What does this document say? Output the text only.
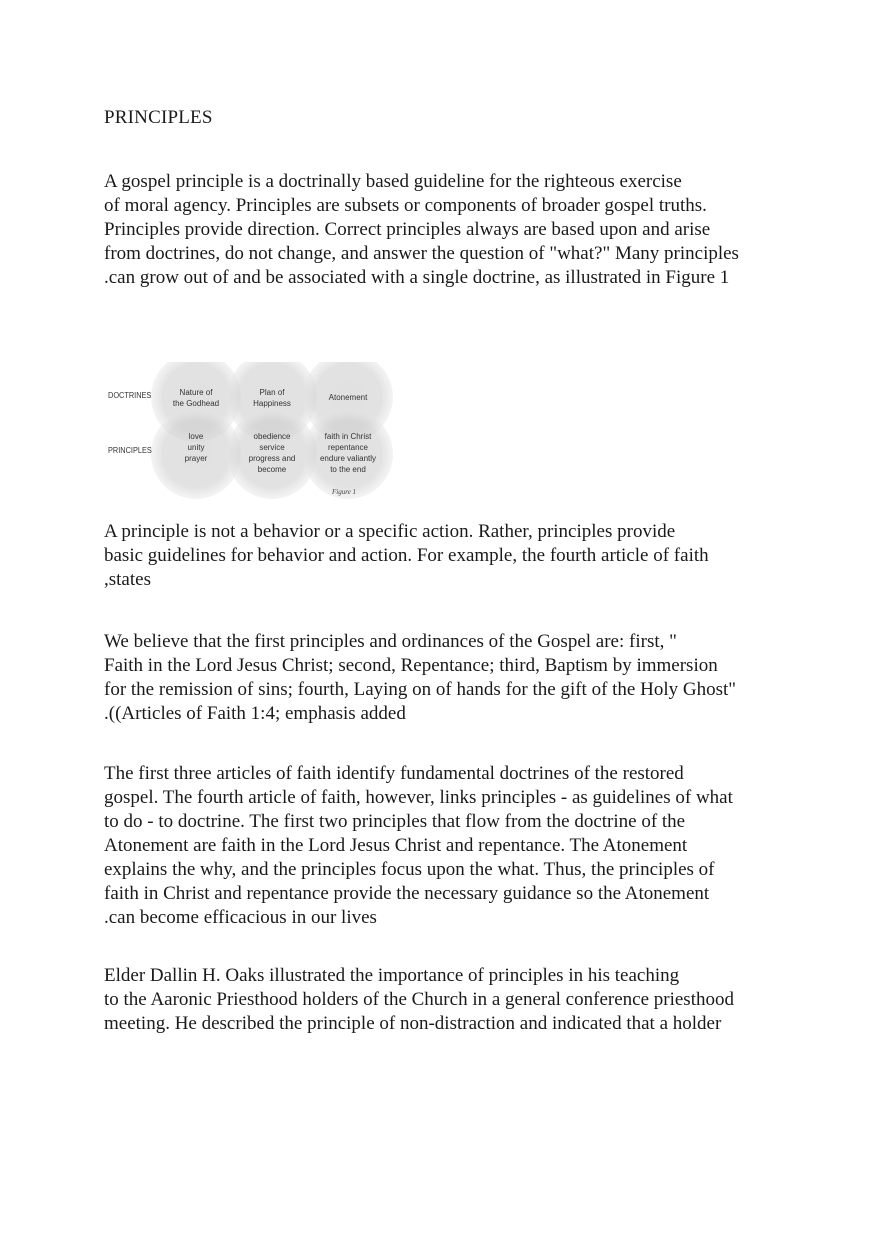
PRINCIPLES

A gospel principle is a doctrinally based guideline for the righteous exercise
of moral agency. Principles are subsets or components of broader gospel truths.
Principles provide direction. Correct principles always are based upon and arise
from doctrines, do not change, and answer the question of "what?" Many principles
.can grow out of and be associated with a single doctrine, as illustrated in Figure 1

DOCTRINES
PRINCIPLES
Nature of
the Godhead
Plan of
Happiness
Atonement
love
unity
prayer
obedience
service
progress and
become
faith in Christ
repentance
endure valiantly
to the end
Figure 1

A principle is not a behavior or a specific action. Rather, principles provide
basic guidelines for behavior and action. For example, the fourth article of faith
,states

We believe that the first principles and ordinances of the Gospel are: first, "
Faith in the Lord Jesus Christ; second, Repentance; third, Baptism by immersion
for the remission of sins; fourth, Laying on of hands for the gift of the Holy Ghost"
.((Articles of Faith 1:4; emphasis added

The first three articles of faith identify fundamental doctrines of the restored
gospel. The fourth article of faith, however, links principles - as guidelines of what
to do - to doctrine. The first two principles that flow from the doctrine of the
Atonement are faith in the Lord Jesus Christ and repentance. The Atonement
explains the why, and the principles focus upon the what. Thus, the principles of
faith in Christ and repentance provide the necessary guidance so the Atonement
.can become efficacious in our lives

Elder Dallin H. Oaks illustrated the importance of principles in his teaching
to the Aaronic Priesthood holders of the Church in a general conference priesthood
meeting. He described the principle of non-distraction and indicated that a holder
